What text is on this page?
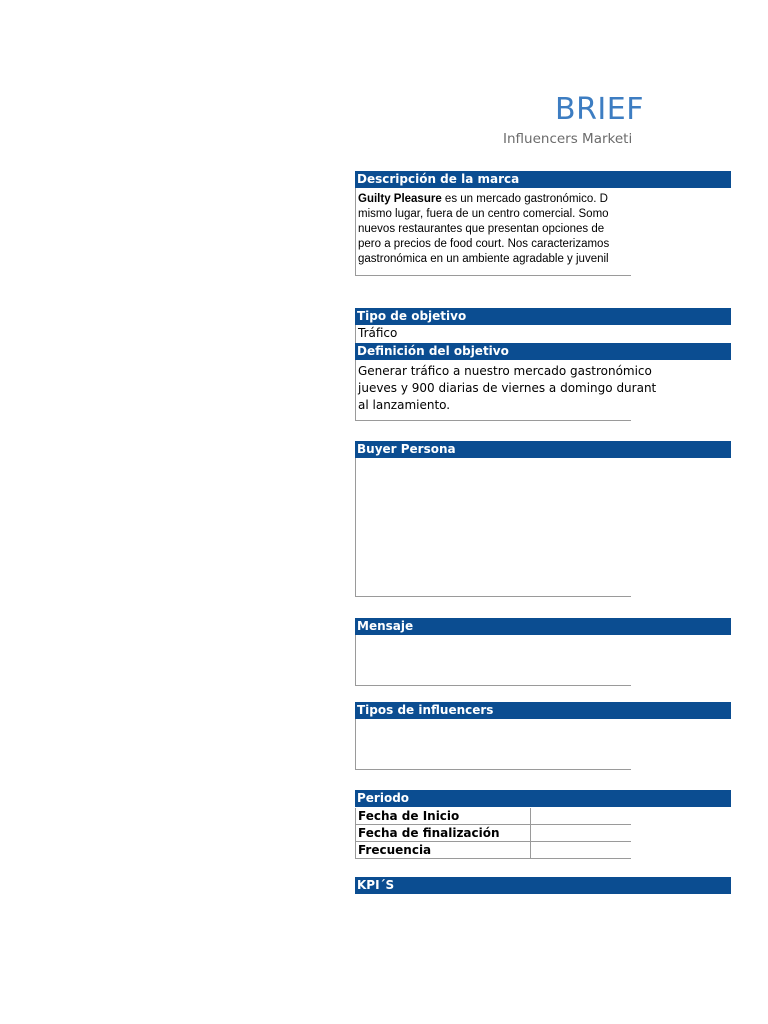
BRIEF
Influencers Marketi
Descripción de la marca
Guilty Pleasure es un mercado gastronómico. D
mismo lugar, fuera de un centro comercial. Somo
nuevos restaurantes que presentan opciones de
pero a precios de food court. Nos caracterizamos
gastronómica en un ambiente agradable y juvenil
Tipo de objetivo
Tráfico
Definición del objetivo
Generar tráfico a nuestro mercado gastronómico
jueves y 900 diarias de viernes a domingo durant
al lanzamiento.
Buyer Persona
Mensaje
Tipos de influencers
Periodo
Fecha de Inicio	
Fecha de finalización	
Frecuencia	
KPI´S
